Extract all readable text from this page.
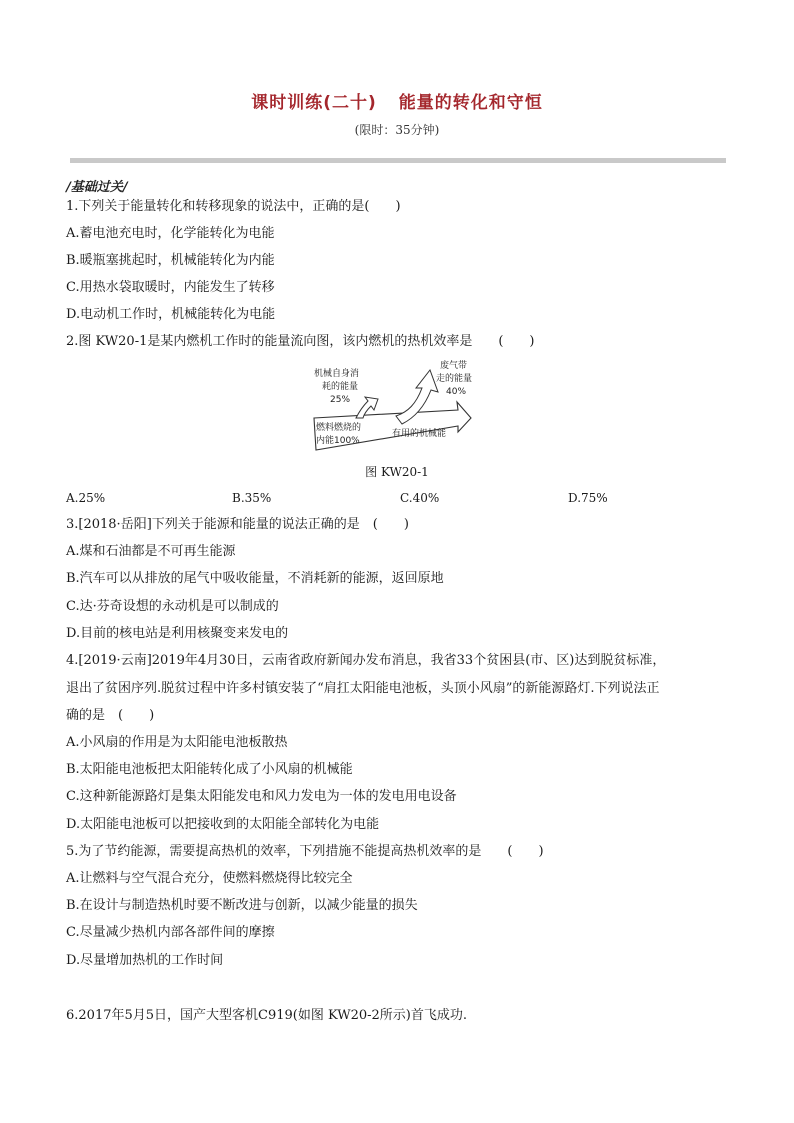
课时训练(二十) 能量的转化和守恒
(限时：35分钟)
/基础过关/
1.下列关于能量转化和转移现象的说法中，正确的是(　　)
A.蓄电池充电时，化学能转化为电能
B.暖瓶塞挑起时，机械能转化为内能
C.用热水袋取暖时，内能发生了转移
D.电动机工作时，机械能转化为电能
2.图 KW20-1是某内燃机工作时的能量流向图，该内燃机的热机效率是　　(　　)
机械自身消
耗的能量
25%
废气带
走的能量
40%
燃料燃烧的
内能100%
有用的机械能
图 KW20-1
A.25%	B.35%	C.40%	D.75%
3.[2018·岳阳]下列关于能源和能量的说法正确的是　(　　)
A.煤和石油都是不可再生能源
B.汽车可以从排放的尾气中吸收能量，不消耗新的能源，返回原地
C.达·芬奇设想的永动机是可以制成的
D.目前的核电站是利用核聚变来发电的
4.[2019·云南]2019年4月30日，云南省政府新闻办发布消息，我省33个贫困县(市、区)达到脱贫标准，
退出了贫困序列.脱贫过程中许多村镇安装了“肩扛太阳能电池板，头顶小风扇”的新能源路灯.下列说法正
确的是　(　　)
A.小风扇的作用是为太阳能电池板散热
B.太阳能电池板把太阳能转化成了小风扇的机械能
C.这种新能源路灯是集太阳能发电和风力发电为一体的发电用电设备
D.太阳能电池板可以把接收到的太阳能全部转化为电能
5.为了节约能源，需要提高热机的效率，下列措施不能提高热机效率的是　　(　　)
A.让燃料与空气混合充分，使燃料燃烧得比较完全
B.在设计与制造热机时要不断改进与创新，以减少能量的损失
C.尽量减少热机内部各部件间的摩擦
D.尽量增加热机的工作时间
6.2017年5月5日，国产大型客机C919(如图 KW20-2所示)首飞成功.
